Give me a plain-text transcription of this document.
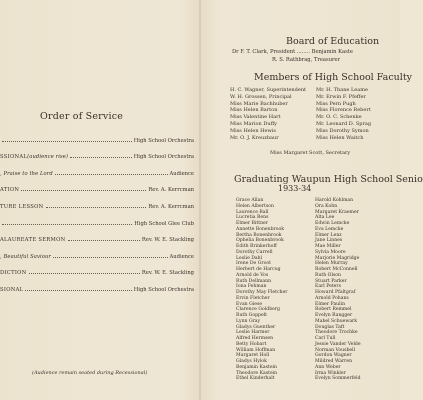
Order of Service
High School Orchestra
SSIONAL(audience rise)	High School Orchestra
, Praise to the Lord	Audience
ATION	Rev. A. Kerrcman
TURE LESSON	Rev. A. Kerrcman
High School Glee Club
ALAUREATE SERMON	Rev. W. E. Stackling
, Beautiful Saviour	Audience
DICTION	Rev. W. E. Stackling
SIONAL	High School Orchestra
(Audience remain seated during Recessional)
Board of Education
Dr F. T. Clark, President ........ Benjamin Kaste
R. S. Rathbrag, Treasurer
Members of High School Faculty
H. C. Wagner, Superintendent	Mr. H. Thane Leame
W. H. Grossen, Principal	Mr. Erwin F. Pfeffer
Miss Marie Bachhuber	Miss Pern Pugh
Miss Helen Barton	Miss Florence Rebert
Miss Valentine Hart	Mr. O. C. Schenke
Miss Marion Duffy	Mr. Leonard D. Sprag
Miss Helen Hewis	Miss Dorothy Symon
Mr. O. J. Kreuzbaur	Miss Helen Waitch
Miss Margaret Scott, Secretary
Graduating Waupun High School Senio
1933-34
Grace Allan	Harold Kohlman
Helen Albertson	Ora Kohn
Laurence Ball	Margaret Kraemer
Lucretia Bens	Alta Lee
Elmer Bittner	Edwin Lemcke
Annette Bonenbrook	Eva Lemcke
Bertha Bonenbrook	Elmer Lenz
Ophelia Bonenbrook	Jane Linnes
Edith Brinkerhoff	Mae Miller
Dorothy Carrell	Sylvia Moore
Leslie Dahl	Marjorie Magridge
Irene De Groot	Helen Murray
Herbert de Harcug	Robert McConnell
Arnold de Vos	Ruth Olson
Ruth Dellmann	Stuart Parker
Iona Fehman	Earl Peters
Dorothy May Fletcher	Howard Pfaltgraf
Ervin Fletcher	Arnold Pohans
Evan Giese	Elmer Paulin
Clarence Goldberg	Robert Remmel
Ruth Goppelt	Evelyn Rangger
Lynn Gray	Mabel Schuewark
Gladys Guenther	Douglas Taft
Leslie Harmer	Theodore Trochke
Alfred Hermsen	Carl Tull
Betty Hobart	Jessie Vander Velde
William Hoffman	Norman Vousbell
Margaret Holl	Gordon Wagner
Gladys Hylok	Mildred Warren
Benjamin Kastein	Ann Weber
Theodore Kastein	Irma Winkler
Ethel Kinderhalt	Evelyn Sommerfeld
